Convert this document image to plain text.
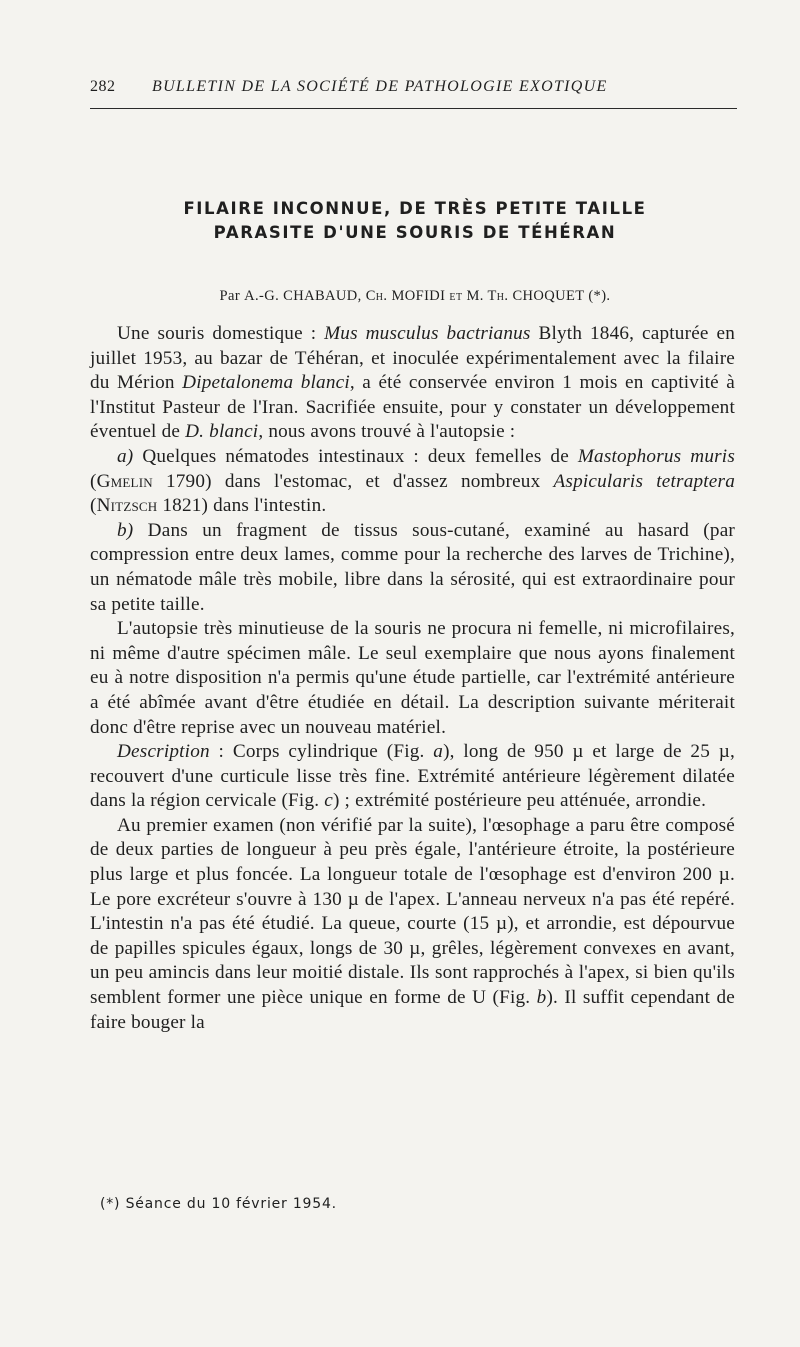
282	BULLETIN DE LA SOCIÉTÉ DE PATHOLOGIE EXOTIQUE
FILAIRE INCONNUE, DE TRÈS PETITE TAILLE
PARASITE D'UNE SOURIS DE TÉHÉRAN
Par A.-G. CHABAUD, Ch. MOFIDI et M. Th. CHOQUET (*).

Une souris domestique : Mus musculus bactrianus Blyth 1846, capturée en juillet 1953, au bazar de Téhéran, et inoculée expérimentalement avec la filaire du Mérion Dipetalonema blanci, a été conservée environ 1 mois en captivité à l'Institut Pasteur de l'Iran. Sacrifiée ensuite, pour y constater un développement éventuel de D. blanci, nous avons trouvé à l'autopsie :

a) Quelques nématodes intestinaux : deux femelles de Mastophorus muris (Gmelin 1790) dans l'estomac, et d'assez nombreux Aspicularis tetraptera (Nitzsch 1821) dans l'intestin.

b) Dans un fragment de tissus sous-cutané, examiné au hasard (par compression entre deux lames, comme pour la recherche des larves de Trichine), un nématode mâle très mobile, libre dans la sérosité, qui est extraordinaire pour sa petite taille.

L'autopsie très minutieuse de la souris ne procura ni femelle, ni microfilaires, ni même d'autre spécimen mâle. Le seul exemplaire que nous ayons finalement eu à notre disposition n'a permis qu'une étude partielle, car l'extrémité antérieure a été abîmée avant d'être étudiée en détail. La description suivante mériterait donc d'être reprise avec un nouveau matériel.

Description : Corps cylindrique (Fig. a), long de 950 µ et large de 25 µ, recouvert d'une curticule lisse très fine. Extrémité antérieure légèrement dilatée dans la région cervicale (Fig. c) ; extrémité postérieure peu atténuée, arrondie.

Au premier examen (non vérifié par la suite), l'œsophage a paru être composé de deux parties de longueur à peu près égale, l'antérieure étroite, la postérieure plus large et plus foncée. La longueur totale de l'œsophage est d'environ 200 µ. Le pore excréteur s'ouvre à 130 µ de l'apex. L'anneau nerveux n'a pas été repéré. L'intestin n'a pas été étudié. La queue, courte (15 µ), et arrondie, est dépourvue de papilles spicules égaux, longs de 30 µ, grêles, légèrement convexes en avant, un peu amincis dans leur moitié distale. Ils sont rapprochés à l'apex, si bien qu'ils semblent former une pièce unique en forme de U (Fig. b). Il suffit cependant de faire bouger la

(*) Séance du 10 février 1954.
